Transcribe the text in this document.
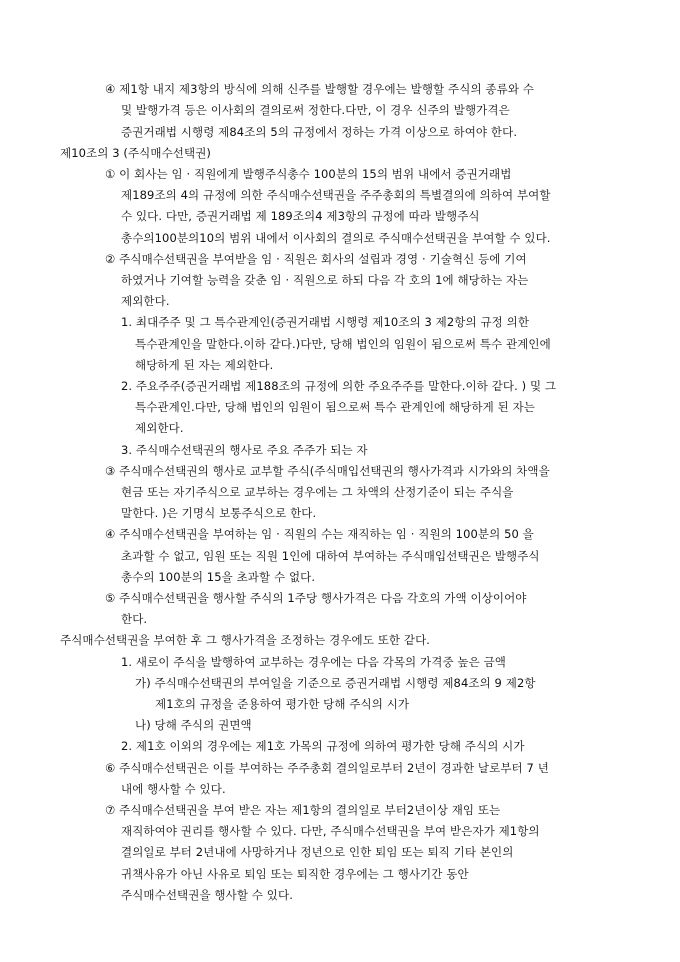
④ 제1항 내지 제3항의 방식에 의해 신주를 발행할 경우에는 발행할 주식의 종류와 수
및 발행가격 등은 이사회의 결의로써 정한다.다만, 이 경우 신주의 발행가격은
증권거래법 시행령 제84조의 5의 규정에서 정하는 가격 이상으로 하여야 한다.
제10조의 3 (주식매수선택권)
① 이 회사는 임 · 직원에게 발행주식총수 100분의 15의 범위 내에서 증권거래법
제189조의 4의 규정에 의한 주식매수선택권을 주주총회의 특별결의에 의하여 부여할
수 있다. 다만, 증권거래법 제 189조의4 제3항의 규정에 따라 발행주식
총수의100분의10의 범위 내에서 이사회의 결의로 주식매수선택권을 부여할 수 있다.
② 주식매수선택권을 부여받을 임 · 직원은 회사의 설립과 경영 · 기술혁신 등에 기여
하였거나 기여할 능력을 갖춘 임 · 직원으로 하되 다음 각 호의 1에 해당하는 자는
제외한다.
1. 최대주주 및 그 특수관계인(증권거래법 시행령 제10조의 3 제2항의 규정 의한
특수관계인을 말한다.이하 같다.)다만, 당해 법인의 임원이 됨으로써 특수 관계인에
해당하게 된 자는 제외한다.
2. 주요주주(증권거래법 제188조의 규정에 의한 주요주주를 말한다.이하 같다. ) 및 그
특수관계인.다만, 당해 법인의 임원이 됨으로써 특수 관계인에 해당하게 된 자는
제외한다.
3. 주식매수선택권의 행사로 주요 주주가 되는 자
③ 주식매수선택권의 행사로 교부할 주식(주식매입선택권의 행사가격과 시가와의 차액을
현금 또는 자기주식으로 교부하는 경우에는 그 차액의 산정기준이 되는 주식을
말한다. )은 기명식 보통주식으로 한다.
④ 주식매수선택권을 부여하는 임 · 직원의 수는 재직하는 임 · 직원의 100분의 50 을
초과할 수 없고, 임원 또는 직원 1인에 대하여 부여하는 주식매입선택권은 발행주식
총수의 100분의 15을 초과할 수 없다.
⑤ 주식매수선택권을 행사할 주식의 1주당 행사가격은 다음 각호의 가액 이상이어야
한다.
주식매수선택권을 부여한 후 그 행사가격을 조정하는 경우에도 또한 같다.
1. 새로이 주식을 발행하여 교부하는 경우에는 다음 각목의 가격중 높은 금액
가) 주식매수선택권의 부여일을 기준으로 증권거래법 시행령 제84조의 9 제2항
제1호의 규정을 준용하여 평가한 당해 주식의 시가
나) 당해 주식의 권면액
2. 제1호 이외의 경우에는 제1호 가목의 규정에 의하여 평가한 당해 주식의 시가
⑥ 주식매수선택권은 이를 부여하는 주주총회 결의일로부터 2년이 경과한 날로부터 7 년
내에 행사할 수 있다.
⑦ 주식매수선택권을 부여 받은 자는 제1항의 결의일로 부터2년이상 재임 또는
재직하여야 권리를 행사할 수 있다. 다만, 주식매수선택권을 부여 받은자가 제1항의
결의일로 부터 2년내에 사망하거나 정년으로 인한 퇴임 또는 퇴직 기타 본인의
귀책사유가 아닌 사유로 퇴임 또는 퇴직한 경우에는 그 행사기간 동안
주식매수선택권을 행사할 수 있다.
